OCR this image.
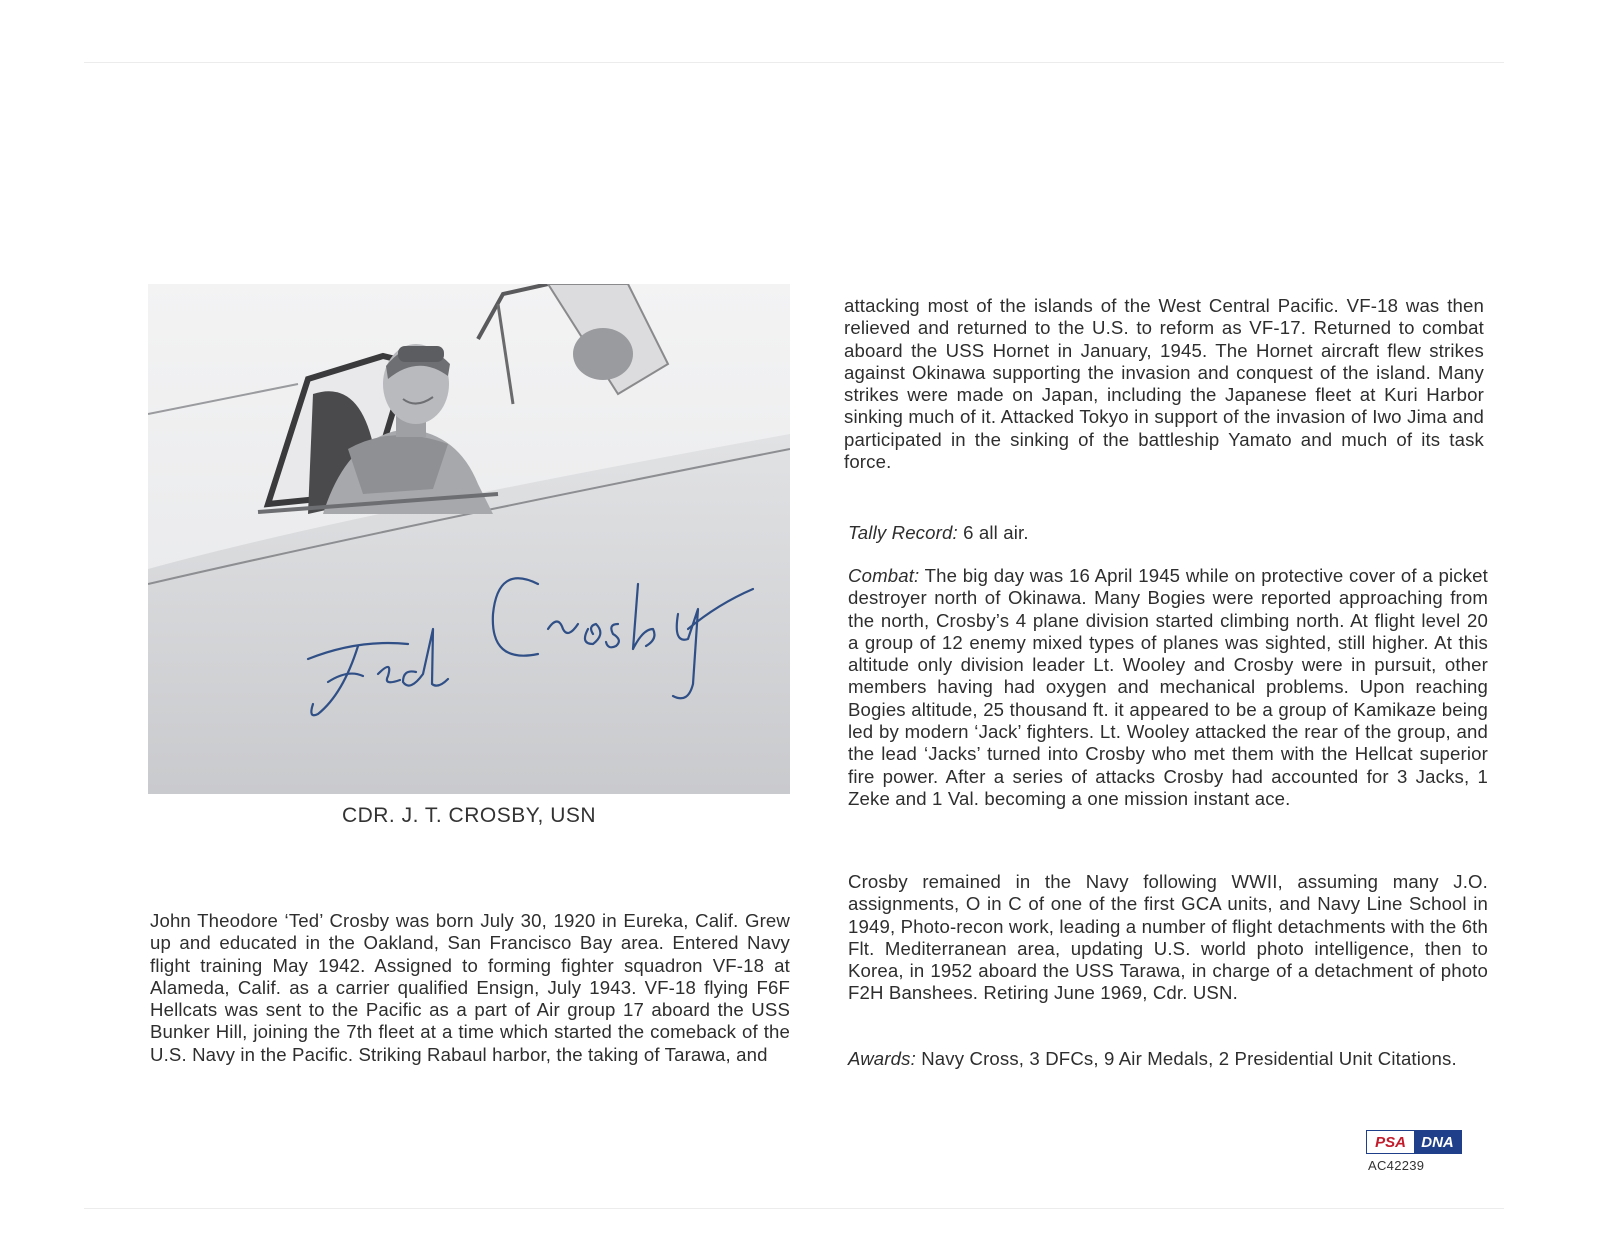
CDR. J. T. CROSBY, USN

John Theodore ‘Ted’ Crosby was born July 30, 1920 in Eureka, Calif. Grew up and educated in the Oakland, San Francisco Bay area. Entered Navy flight training May 1942. Assigned to forming fighter squadron VF-18 at Alameda, Calif. as a carrier qualified Ensign, July 1943. VF-18 flying F6F Hellcats was sent to the Pacific as a part of Air group 17 aboard the USS Bunker Hill, joining the 7th fleet at a time which started the comeback of the U.S. Navy in the Pacific. Striking Rabaul harbor, the taking of Tarawa, and

attacking most of the islands of the West Central Pacific. VF-18 was then relieved and returned to the U.S. to reform as VF-17. Returned to combat aboard the USS Hornet in January, 1945. The Hornet aircraft flew strikes against Okinawa supporting the invasion and conquest of the island. Many strikes were made on Japan, including the Japanese fleet at Kuri Harbor sinking much of it. Attacked Tokyo in support of the invasion of Iwo Jima and participated in the sinking of the battleship Yamato and much of its task force.

Tally Record: 6 all air.

Combat: The big day was 16 April 1945 while on protective cover of a picket destroyer north of Okinawa. Many Bogies were reported approaching from the north, Crosby’s 4 plane division started climbing north. At flight level 20 a group of 12 enemy mixed types of planes was sighted, still higher. At this altitude only division leader Lt. Wooley and Crosby were in pursuit, other members having had oxygen and mechanical problems. Upon reaching Bogies altitude, 25 thousand ft. it appeared to be a group of Kamikaze being led by modern ‘Jack’ fighters. Lt. Wooley attacked the rear of the group, and the lead ‘Jacks’ turned into Crosby who met them with the Hellcat superior fire power. After a series of attacks Crosby had accounted for 3 Jacks, 1 Zeke and 1 Val. becoming a one mission instant ace.

Crosby remained in the Navy following WWII, assuming many J.O. assignments, O in C of one of the first GCA units, and Navy Line School in 1949, Photo-recon work, leading a number of flight detachments with the 6th Flt. Mediterranean area, updating U.S. world photo intelligence, then to Korea, in 1952 aboard the USS Tarawa, in charge of a detachment of photo F2H Banshees. Retiring June 1969, Cdr. USN.

Awards: Navy Cross, 3 DFCs, 9 Air Medals, 2 Presidential Unit Citations.

PSA	DNA
AC42239
